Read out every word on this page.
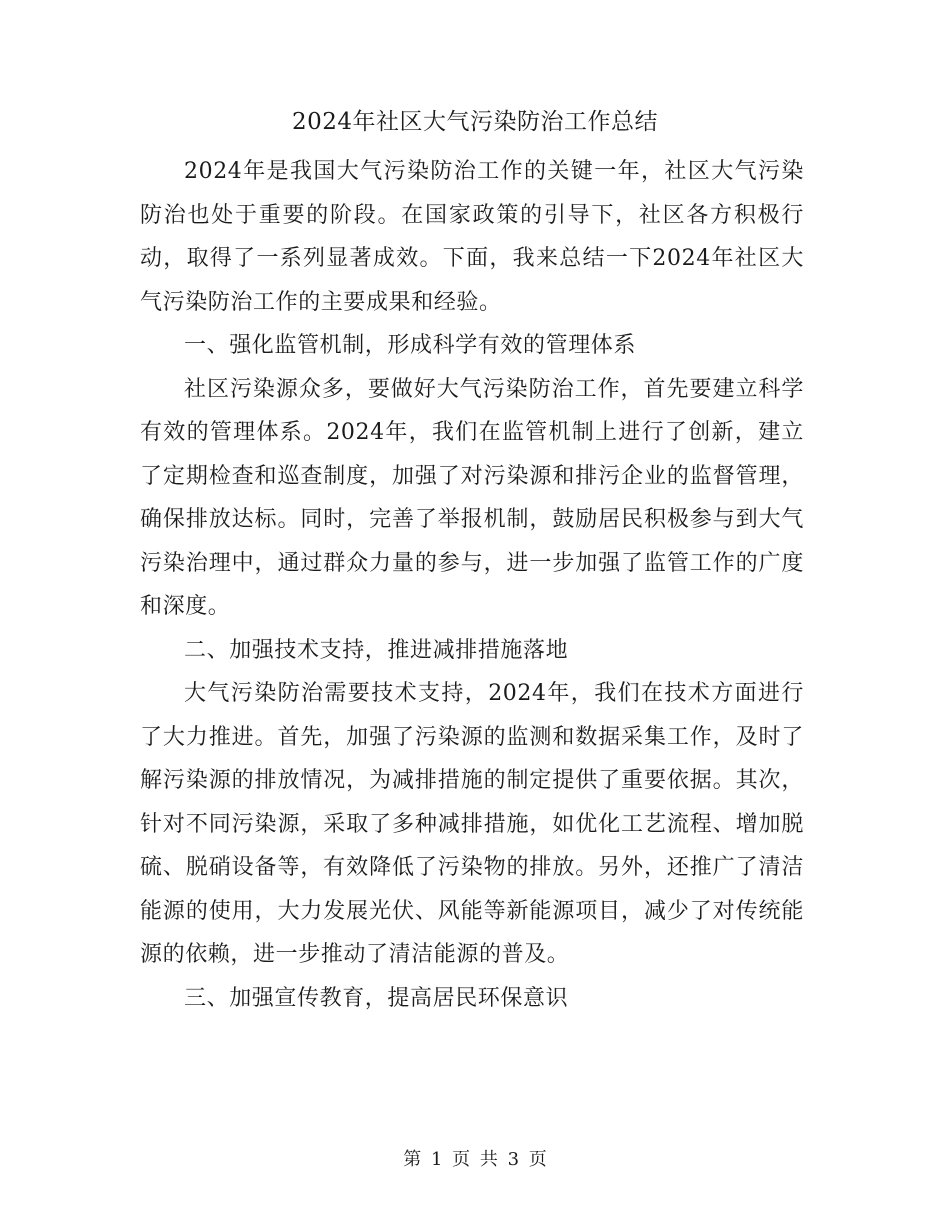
2024年社区大气污染防治工作总结

2024年是我国大气污染防治工作的关键一年，社区大气污染防治也处于重要的阶段。在国家政策的引导下，社区各方积极行动，取得了一系列显著成效。下面，我来总结一下2024年社区大气污染防治工作的主要成果和经验。

一、强化监管机制，形成科学有效的管理体系

社区污染源众多，要做好大气污染防治工作，首先要建立科学有效的管理体系。2024年，我们在监管机制上进行了创新，建立了定期检查和巡查制度，加强了对污染源和排污企业的监督管理，确保排放达标。同时，完善了举报机制，鼓励居民积极参与到大气污染治理中，通过群众力量的参与，进一步加强了监管工作的广度和深度。

二、加强技术支持，推进减排措施落地

大气污染防治需要技术支持，2024年，我们在技术方面进行了大力推进。首先，加强了污染源的监测和数据采集工作，及时了解污染源的排放情况，为减排措施的制定提供了重要依据。其次，针对不同污染源，采取了多种减排措施，如优化工艺流程、增加脱硫、脱硝设备等，有效降低了污染物的排放。另外，还推广了清洁能源的使用，大力发展光伏、风能等新能源项目，减少了对传统能源的依赖，进一步推动了清洁能源的普及。

三、加强宣传教育，提高居民环保意识

第 1 页 共 3 页
